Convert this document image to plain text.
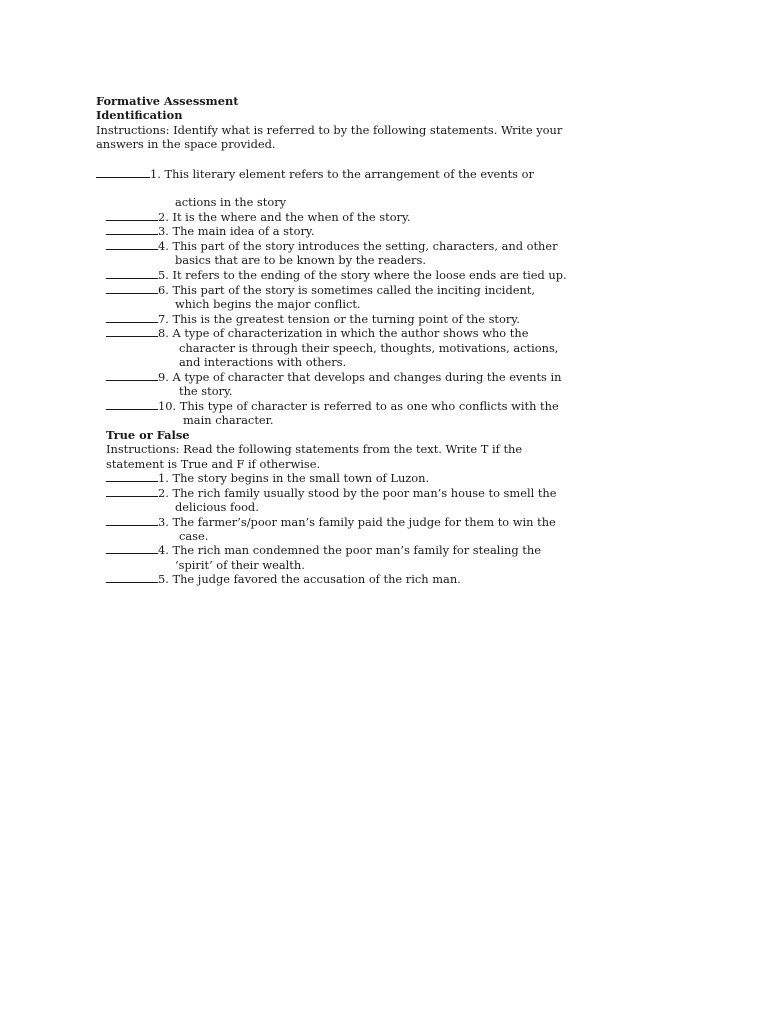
Formative Assessment
Identification
Instructions: Identify what is referred to by the following statements. Write your
answers in the space provided.
1. This literary element refers to the arrangement of the events or
actions in the story
2. It is the where and the when of the story.
3. The main idea of a story.
4. This part of the story introduces the setting, characters, and other
basics that are to be known by the readers.
5. It refers to the ending of the story where the loose ends are tied up.
6. This part of the story is sometimes called the inciting incident,
which begins the major conflict.
7. This is the greatest tension or the turning point of the story.
8. A type of characterization in which the author shows who the
character is through their speech, thoughts, motivations, actions,
and interactions with others.
9. A type of character that develops and changes during the events in
the story.
10. This type of character is referred to as one who conflicts with the
main character.
True or False
Instructions: Read the following statements from the text. Write T if the
statement is True and F if otherwise.
1. The story begins in the small town of Luzon.
2. The rich family usually stood by the poor man’s house to smell the
delicious food.
3. The farmer’s/poor man’s family paid the judge for them to win the
case.
4. The rich man condemned the poor man’s family for stealing the
‘spirit’ of their wealth.
5. The judge favored the accusation of the rich man.
